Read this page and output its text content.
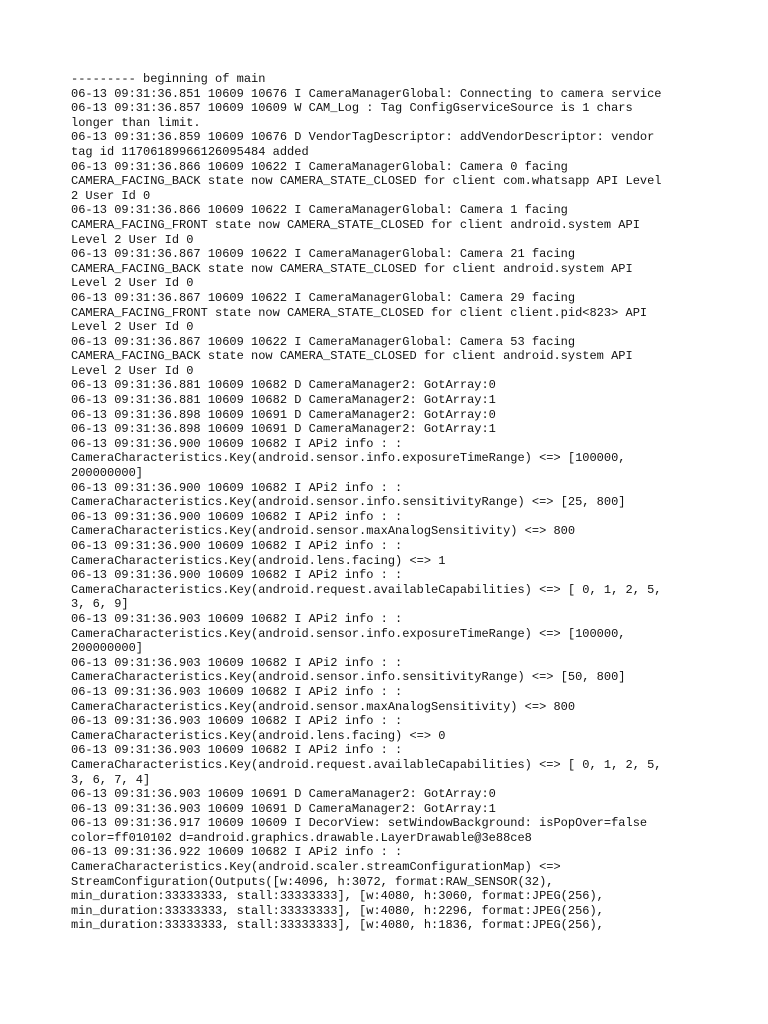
--------- beginning of main
06-13 09:31:36.851 10609 10676 I CameraManagerGlobal: Connecting to camera service
06-13 09:31:36.857 10609 10609 W CAM_Log : Tag ConfigGserviceSource is 1 chars
longer than limit.
06-13 09:31:36.859 10609 10676 D VendorTagDescriptor: addVendorDescriptor: vendor
tag id 11706189966126095484 added
06-13 09:31:36.866 10609 10622 I CameraManagerGlobal: Camera 0 facing
CAMERA_FACING_BACK state now CAMERA_STATE_CLOSED for client com.whatsapp API Level
2 User Id 0
06-13 09:31:36.866 10609 10622 I CameraManagerGlobal: Camera 1 facing
CAMERA_FACING_FRONT state now CAMERA_STATE_CLOSED for client android.system API
Level 2 User Id 0
06-13 09:31:36.867 10609 10622 I CameraManagerGlobal: Camera 21 facing
CAMERA_FACING_BACK state now CAMERA_STATE_CLOSED for client android.system API
Level 2 User Id 0
06-13 09:31:36.867 10609 10622 I CameraManagerGlobal: Camera 29 facing
CAMERA_FACING_FRONT state now CAMERA_STATE_CLOSED for client client.pid<823> API
Level 2 User Id 0
06-13 09:31:36.867 10609 10622 I CameraManagerGlobal: Camera 53 facing
CAMERA_FACING_BACK state now CAMERA_STATE_CLOSED for client android.system API
Level 2 User Id 0
06-13 09:31:36.881 10609 10682 D CameraManager2: GotArray:0
06-13 09:31:36.881 10609 10682 D CameraManager2: GotArray:1
06-13 09:31:36.898 10609 10691 D CameraManager2: GotArray:0
06-13 09:31:36.898 10609 10691 D CameraManager2: GotArray:1
06-13 09:31:36.900 10609 10682 I APi2 info : :
CameraCharacteristics.Key(android.sensor.info.exposureTimeRange) <=> [100000,
200000000]
06-13 09:31:36.900 10609 10682 I APi2 info : :
CameraCharacteristics.Key(android.sensor.info.sensitivityRange) <=> [25, 800]
06-13 09:31:36.900 10609 10682 I APi2 info : :
CameraCharacteristics.Key(android.sensor.maxAnalogSensitivity) <=> 800
06-13 09:31:36.900 10609 10682 I APi2 info : :
CameraCharacteristics.Key(android.lens.facing) <=> 1
06-13 09:31:36.900 10609 10682 I APi2 info : :
CameraCharacteristics.Key(android.request.availableCapabilities) <=> [ 0, 1, 2, 5,
3, 6, 9]
06-13 09:31:36.903 10609 10682 I APi2 info : :
CameraCharacteristics.Key(android.sensor.info.exposureTimeRange) <=> [100000,
200000000]
06-13 09:31:36.903 10609 10682 I APi2 info : :
CameraCharacteristics.Key(android.sensor.info.sensitivityRange) <=> [50, 800]
06-13 09:31:36.903 10609 10682 I APi2 info : :
CameraCharacteristics.Key(android.sensor.maxAnalogSensitivity) <=> 800
06-13 09:31:36.903 10609 10682 I APi2 info : :
CameraCharacteristics.Key(android.lens.facing) <=> 0
06-13 09:31:36.903 10609 10682 I APi2 info : :
CameraCharacteristics.Key(android.request.availableCapabilities) <=> [ 0, 1, 2, 5,
3, 6, 7, 4]
06-13 09:31:36.903 10609 10691 D CameraManager2: GotArray:0
06-13 09:31:36.903 10609 10691 D CameraManager2: GotArray:1
06-13 09:31:36.917 10609 10609 I DecorView: setWindowBackground: isPopOver=false
color=ff010102 d=android.graphics.drawable.LayerDrawable@3e88ce8
06-13 09:31:36.922 10609 10682 I APi2 info : :
CameraCharacteristics.Key(android.scaler.streamConfigurationMap) <=>
StreamConfiguration(Outputs([w:4096, h:3072, format:RAW_SENSOR(32),
min_duration:33333333, stall:33333333], [w:4080, h:3060, format:JPEG(256),
min_duration:33333333, stall:33333333], [w:4080, h:2296, format:JPEG(256),
min_duration:33333333, stall:33333333], [w:4080, h:1836, format:JPEG(256),
